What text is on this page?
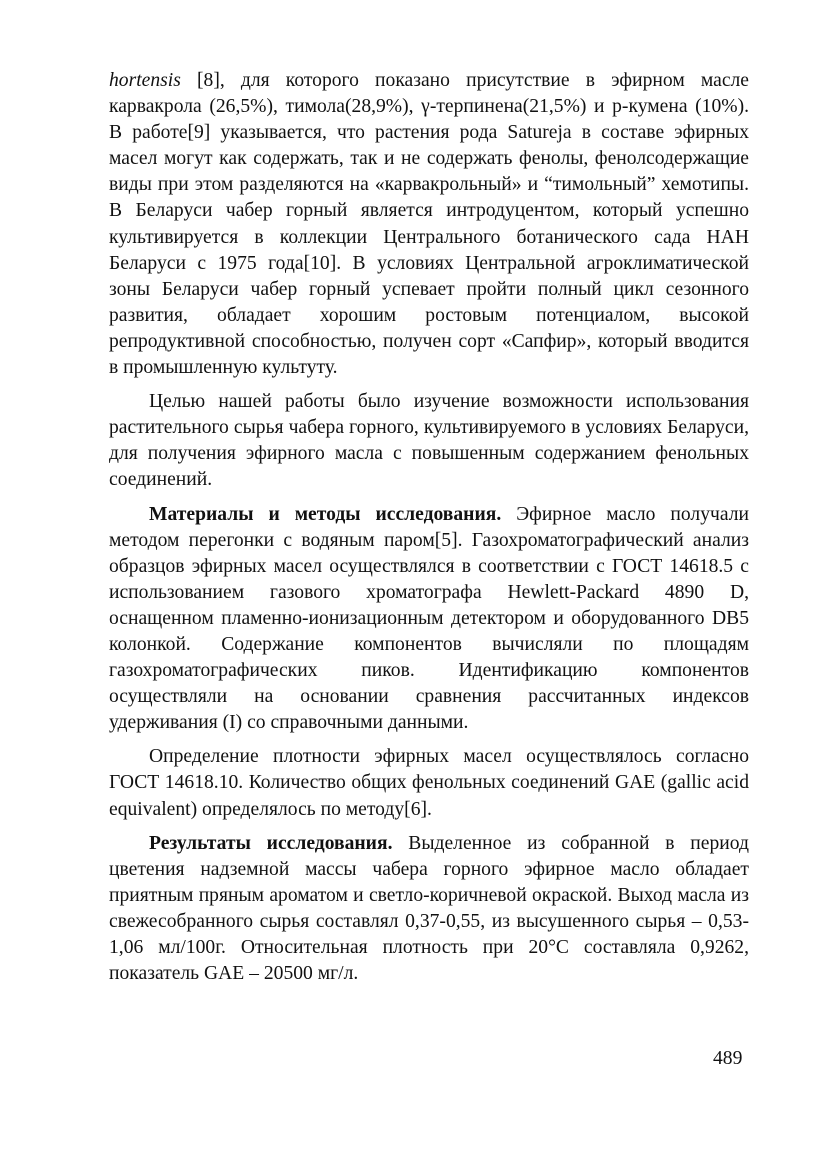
hortensis [8], для которого показано присутствие в эфирном масле карвакрола (26,5%), тимола(28,9%), γ-терпинена(21,5%) и р-кумена (10%). В работе[9] указывается, что растения рода Satureja в составе эфирных масел могут как содержать, так и не содержать фенолы, фенолсодержащие виды при этом разделяются на «карвакрольный» и “тимольный” хемотипы. В Беларуси чабер горный является интродуцентом, который успешно культивируется в коллекции Центрального ботанического сада НАН Беларуси с 1975 года[10]. В условиях Центральной агроклиматической зоны Беларуси чабер горный успевает пройти полный цикл сезонного развития, обладает хорошим ростовым потенциалом, высокой репродуктивной способностью, получен сорт «Сапфир», который вводится в промышленную культуту.

Целью нашей работы было изучение возможности использования растительного сырья чабера горного, культивируемого в условиях Беларуси, для получения эфирного масла с повышенным содержанием фенольных соединений.

Материалы и методы исследования. Эфирное масло получали методом перегонки с водяным паром[5]. Газохроматографический анализ образцов эфирных масел осуществлялся в соответствии с ГОСТ 14618.5 с использованием газового хроматографа Hewlett-Packard 4890 D, оснащенном пламенно-ионизационным детектором и оборудованного DB5 колонкой. Содержание компонентов вычисляли по площадям газохроматографических пиков. Идентификацию компонентов осуществляли на основании сравнения рассчитанных индексов удерживания (I) со справочными данными.

Определение плотности эфирных масел осуществлялось согласно ГОСТ 14618.10. Количество общих фенольных соединений GAE (gallic acid equivalent) определялось по методу[6].

Результаты исследования. Выделенное из собранной в период цветения надземной массы чабера горного эфирное масло обладает приятным пряным ароматом и светло-коричневой окраской. Выход масла из свежесобранного сырья составлял 0,37-0,55, из высушенного сырья – 0,53-1,06 мл/100г. Относительная плотность при 20°С составляла 0,9262, показатель GAE – 20500 мг/л.

489
